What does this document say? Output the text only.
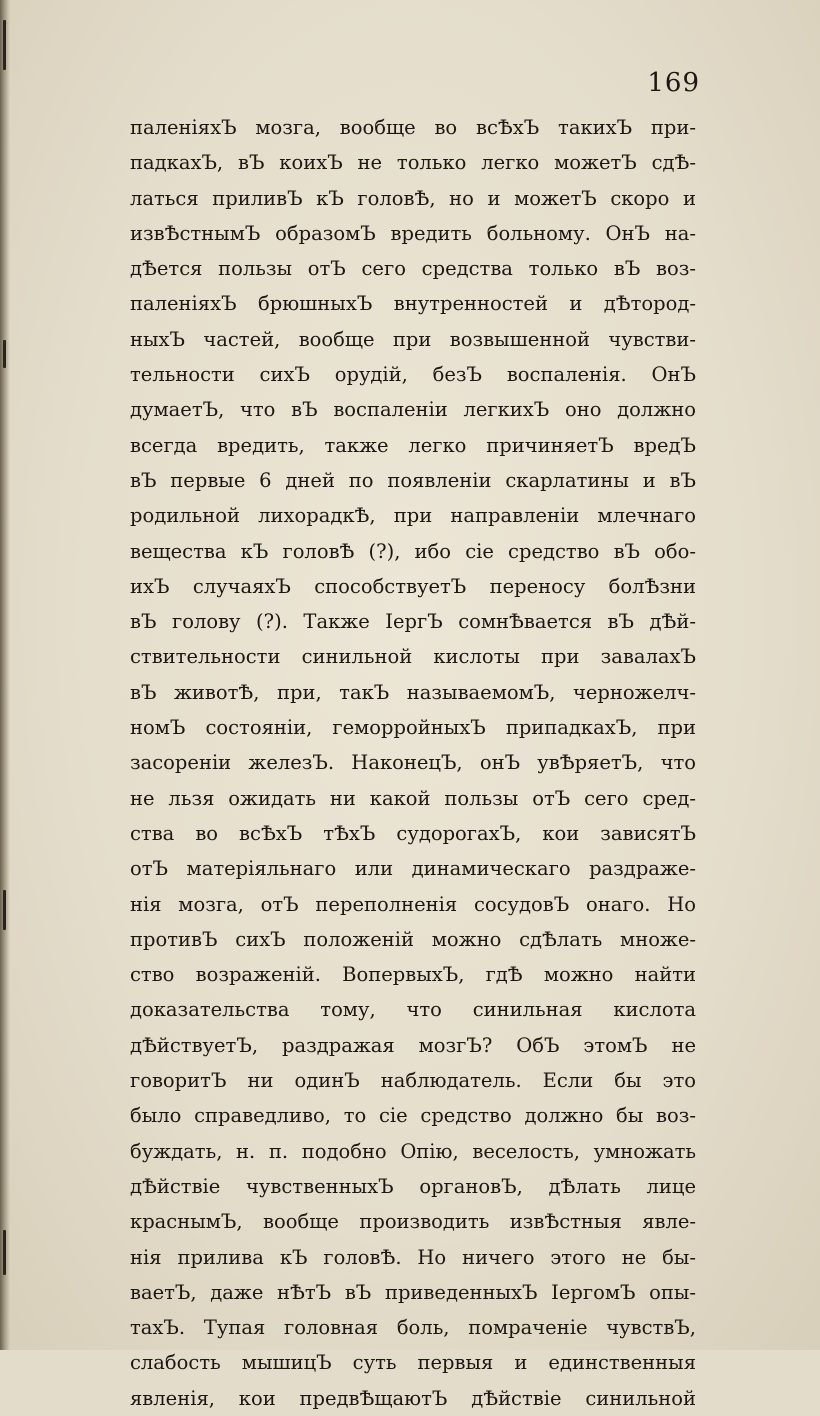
169
паленіяхЪ мозга, вообще во всѢхЪ такихЪ при-
падкахЪ, вЪ коихЪ не только легко можетЪ сдѢ-
латься приливЪ кЪ головѢ, но и можетЪ скоро и
извѢстнымЪ образомЪ вредить больному. ОнЪ на-
дѢется пользы отЪ сего средства только вЪ воз-
паленіяхЪ брюшныхЪ внутренностей и дѢтород-
ныхЪ частей, вообще при возвышенной чувстви-
тельности сихЪ орудій, безЪ воспаленія. ОнЪ
думаетЪ, что вЪ воспаленіи легкихЪ оно должно
всегда вредить, также легко причиняетЪ вредЪ
вЪ первые 6 дней по появленіи скарлатины и вЪ
родильной лихорадкѢ, при направленіи млечнаго
вещества кЪ головѢ (?), ибо сіе средство вЪ обо-
ихЪ случаяхЪ способствуетЪ переносу болѢзни
вЪ голову (?). Также ІергЪ сомнѢвается вЪ дѢй-
ствительности синильной кислоты при завалахЪ
вЪ животѢ, при, такЪ называемомЪ, черножелч-
номЪ состояніи, геморройныхЪ припадкахЪ, при
засореніи железЪ. НаконецЪ, онЪ увѢряетЪ, что
не льзя ожидать ни какой пользы отЪ сего сред-
ства во всѢхЪ тѢхЪ судорогахЪ, кои зависятЪ
отЪ матеріяльнаго или динамическаго раздраже-
нія мозга, отЪ переполненія сосудовЪ онаго. Но
противЪ сихЪ положеній можно сдѢлать множе-
ство возраженій. ВопервыхЪ, гдѢ можно найти
доказательства тому, что синильная кислота
дѢйствуетЪ, раздражая мозгЪ? ОбЪ этомЪ не
говоритЪ ни одинЪ наблюдатель. Если бы это
было справедливо, то сіе средство должно бы воз-
буждать, н. п. подобно Опію, веселость, умножать
дѢйствіе чувственныхЪ органовЪ, дѢлать лице
краснымЪ, вообще производить извѢстныя явле-
нія прилива кЪ головѢ. Но ничего этого не бы-
ваетЪ, даже нѢтЪ вЪ приведенныхЪ ІергомЪ опы-
тахЪ. Тупая головная боль, помраченіе чувствЪ,
слабость мышицЪ суть первыя и единственныя
явленія, кои предвѢщаютЪ дѢйствіе синильной
